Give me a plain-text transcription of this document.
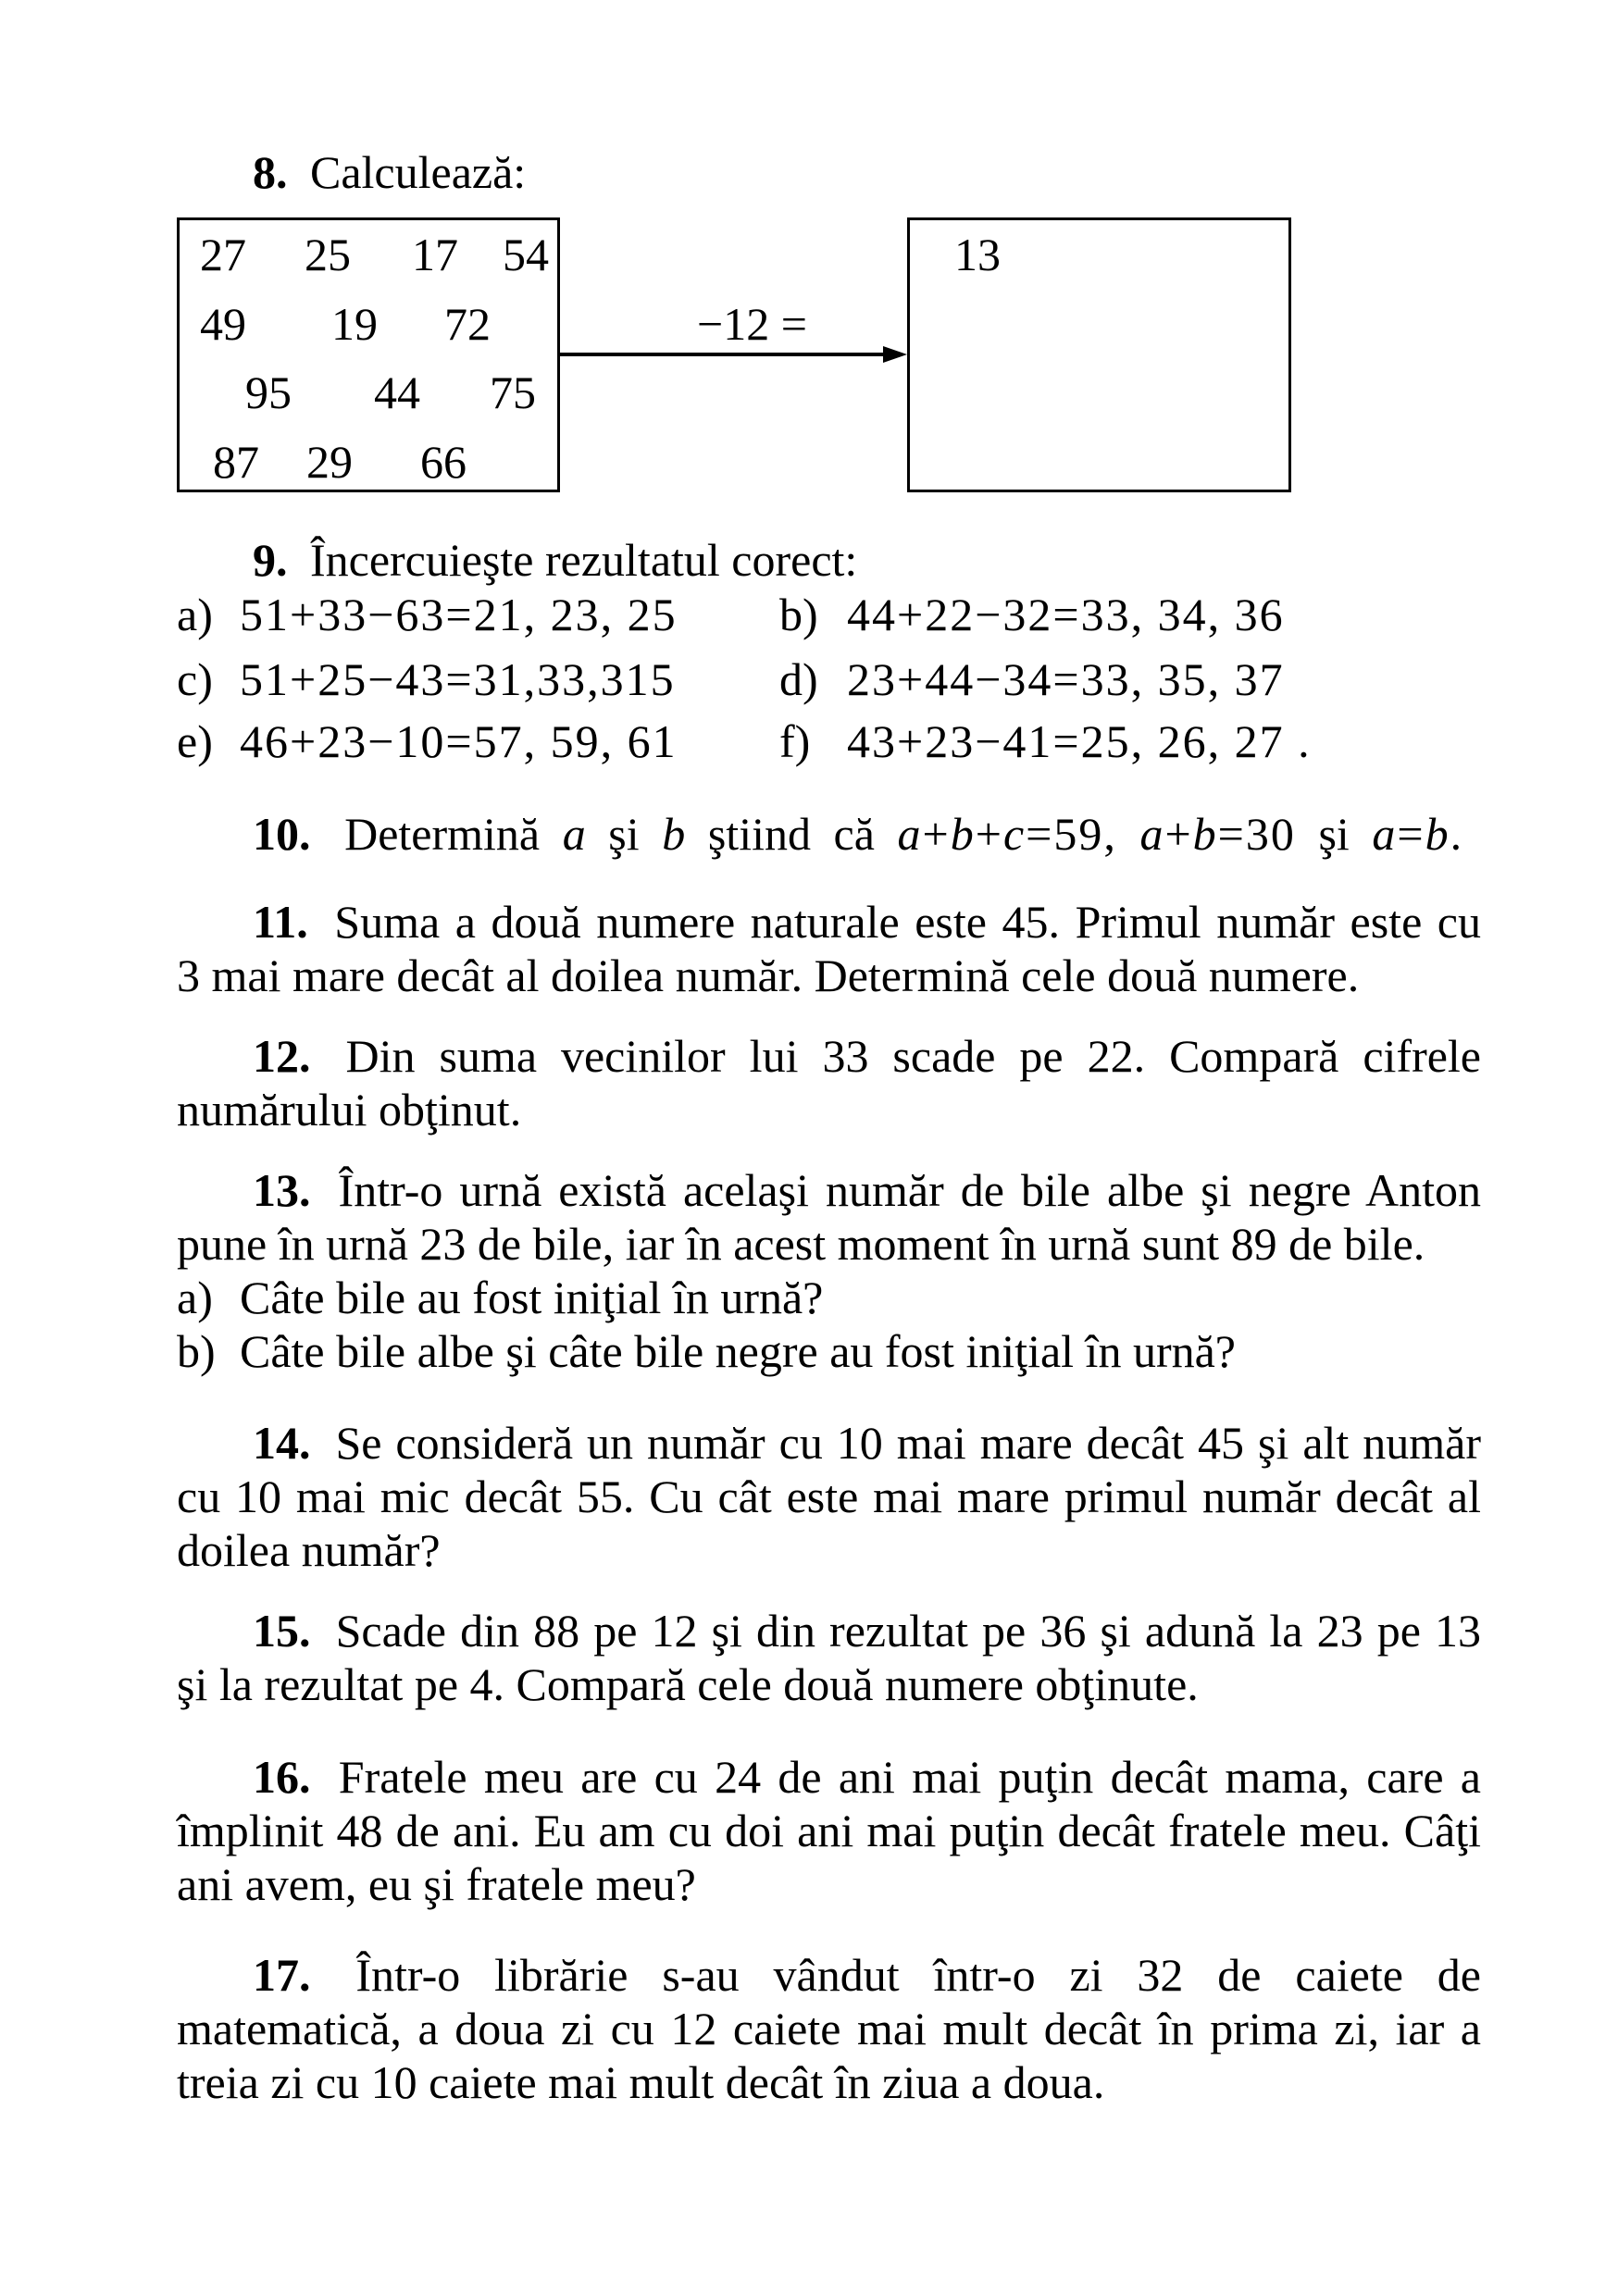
8. Calculează:
27 25 17 54
49 19 72
95 44 75
87 29 66
−12 =
13
9. Încercuieşte rezultatul corect:
a) 51+33−63=21, 23, 25 b) 44+22−32=33, 34, 36
c) 51+25−43=31,33,315 d) 23+44−34=33, 35, 37
e) 46+23−10=57, 59, 61 f) 43+23−41=25, 26, 27 .
10. Determină a şi b ştiind că a+b+c=59, a+b=30 şi a=b.
11. Suma a două numere naturale este 45. Primul număr este cu
3 mai mare decât al doilea număr. Determină cele două numere.
12. Din suma vecinilor lui 33 scade pe 22. Compară cifrele
numărului obţinut.
13. Într-o urnă există acelaşi număr de bile albe şi negre Anton
pune în urnă 23 de bile, iar în acest moment în urnă sunt 89 de bile.
a) Câte bile au fost iniţial în urnă?
b) Câte bile albe şi câte bile negre au fost iniţial în urnă?
14. Se consideră un număr cu 10 mai mare decât 45 şi alt număr
cu 10 mai mic decât 55. Cu cât este mai mare primul număr decât al
doilea număr?
15. Scade din 88 pe 12 şi din rezultat pe 36 şi adună la 23 pe 13
şi la rezultat pe 4. Compară cele două numere obţinute.
16. Fratele meu are cu 24 de ani mai puţin decât mama, care a
împlinit 48 de ani. Eu am cu doi ani mai puţin decât fratele meu. Câţi
ani avem, eu şi fratele meu?
17. Într-o librărie s-au vândut într-o zi 32 de caiete de
matematică, a doua zi cu 12 caiete mai mult decât în prima zi, iar a
treia zi cu 10 caiete mai mult decât în ziua a doua.
